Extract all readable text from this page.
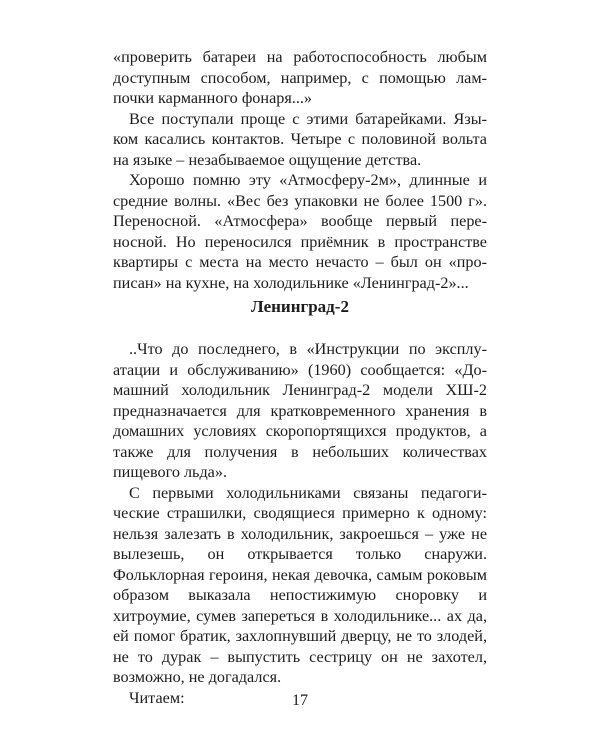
«проверить батареи на работоспособность любым доступным способом, например, с помощью лампочки карманного фонаря...»

Все поступали проще с этими батарейками. Языком касались контактов. Четыре с половиной вольта на языке – незабываемое ощущение детства.

Хорошо помню эту «Атмосферу-2м», длинные и средние волны. «Вес без упаковки не более 1500 г». Переносной. «Атмосфера» вообще первый переносной. Но переносился приёмник в пространстве квартиры с места на место нечасто – был он «прописан» на кухне, на холодильнике «Ленинград-2»...

Ленинград-2

..Что до последнего, в «Инструкции по эксплуатации и обслуживанию» (1960) сообщается: «Домашний холодильник Ленинград-2 модели ХШ-2 предназначается для кратковременного хранения в домашних условиях скоропортящихся продуктов, а также для получения в небольших количествах пищевого льда».

С первыми холодильниками связаны педагогические страшилки, сводящиеся примерно к одному: нельзя залезать в холодильник, закроешься – уже не вылезешь, он открывается только снаружи. Фольклорная героиня, некая девочка, самым роковым образом выказала непостижимую сноровку и хитроумие, сумев запереться в холодильнике... ах да, ей помог братик, захлопнувший дверцу, не то злодей, не то дурак – выпустить сестрицу он не захотел, возможно, не догадался.

Читаем:	17
